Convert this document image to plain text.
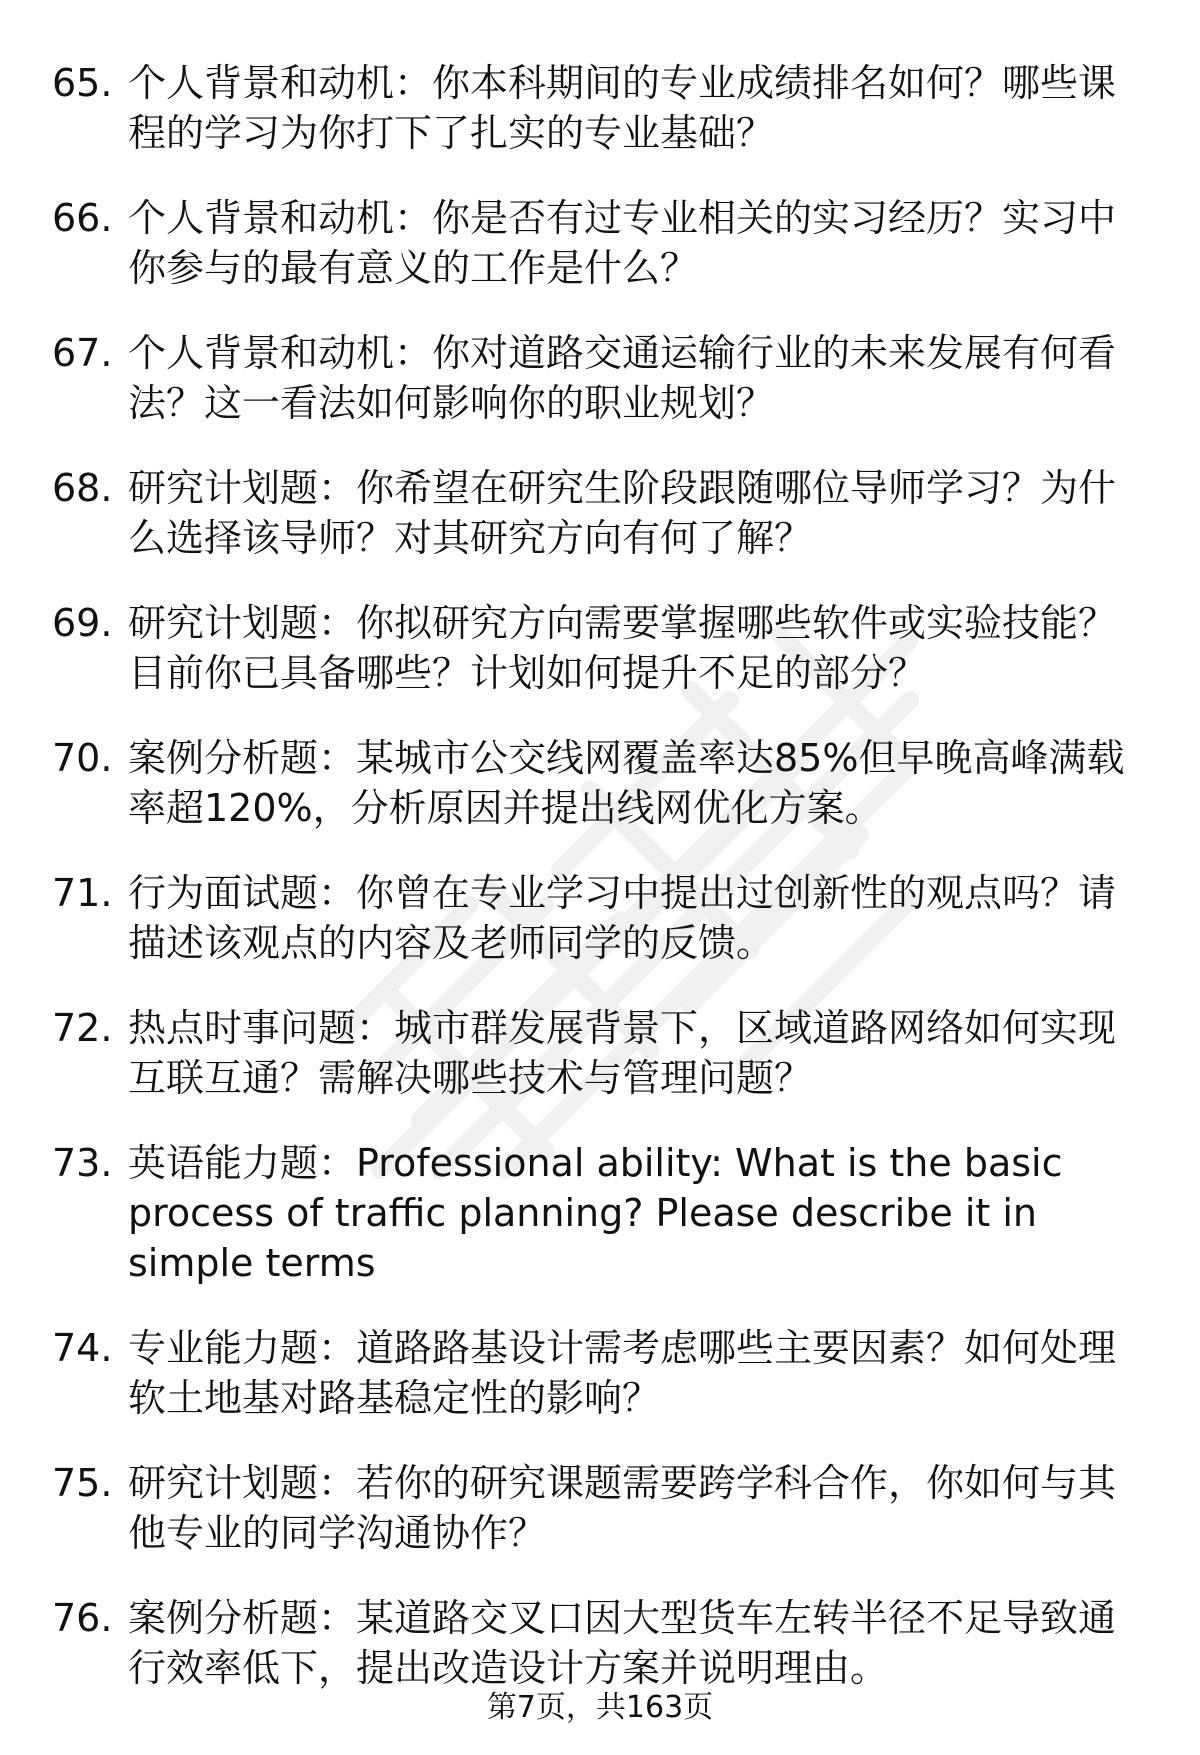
65. 个人背景和动机：你本科期间的专业成绩排名如何？哪些课程的学习为你打下了扎实的专业基础？
66. 个人背景和动机：你是否有过专业相关的实习经历？实习中你参与的最有意义的工作是什么？
67. 个人背景和动机：你对道路交通运输行业的未来发展有何看法？这一看法如何影响你的职业规划？
68. 研究计划题：你希望在研究生阶段跟随哪位导师学习？为什么选择该导师？对其研究方向有何了解？
69. 研究计划题：你拟研究方向需要掌握哪些软件或实验技能？目前你已具备哪些？计划如何提升不足的部分？
70. 案例分析题：某城市公交线网覆盖率达85%但早晚高峰满载率超120%，分析原因并提出线网优化方案。
71. 行为面试题：你曾在专业学习中提出过创新性的观点吗？请描述该观点的内容及老师同学的反馈。
72. 热点时事问题：城市群发展背景下，区域道路网络如何实现互联互通？需解决哪些技术与管理问题？
73. 英语能力题：Professional ability: What is the basic process of traffic planning? Please describe it in simple terms
74. 专业能力题：道路路基设计需考虑哪些主要因素？如何处理软土地基对路基稳定性的影响？
75. 研究计划题：若你的研究课题需要跨学科合作，你如何与其他专业的同学沟通协作？
76. 案例分析题：某道路交叉口因大型货车左转半径不足导致通行效率低下，提出改造设计方案并说明理由。
第7页，共163页
